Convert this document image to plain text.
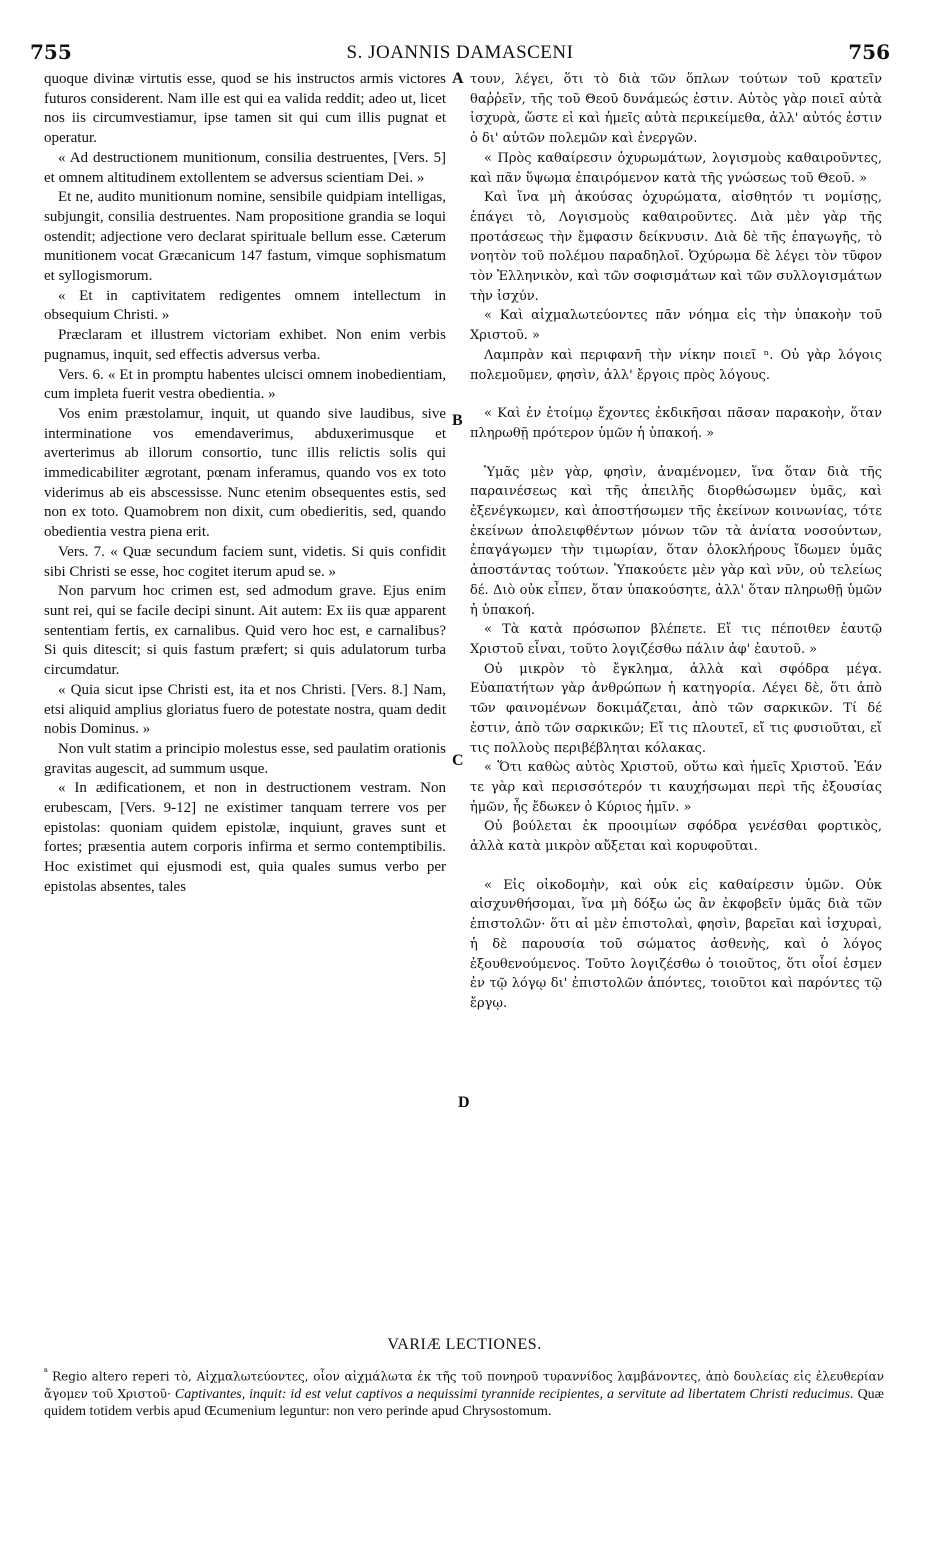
755	S. JOANNIS DAMASCENI	756

quoque divinæ virtutis esse, quod se his instructos armis victores futuros considerent. Nam ille est qui ea valida reddit; adeo ut, licet nos iis circumvestiamur, ipse tamen sit qui cum illis pugnat et operatur.

« Ad destructionem munitionum, consilia destruentes, [Vers. 5] et omnem altitudinem extollentem se adversus scientiam Dei. »

Et ne, audito munitionum nomine, sensibile quidpiam intelligas, subjungit, consilia destruentes. Nam propositione grandia se loqui ostendit; adjectione vero declarat spirituale bellum esse. Cæterum munitionem vocat Græcanicum 147 fastum, vimque sophismatum et syllogismorum.

« Et in captivitatem redigentes omnem intellectum in obsequium Christi. »

Præclaram et illustrem victoriam exhibet. Non enim verbis pugnamus, inquit, sed effectis adversus verba.

Vers. 6. « Et in promptu habentes ulcisci omnem inobedientiam, cum impleta fuerit vestra obedientia. »

Vos enim præstolamur, inquit, ut quando sive laudibus, sive interminatione vos emendaverimus, abduxerimusque et averterimus ab illorum consortio, tunc illis relictis solis qui immedicabiliter ægrotant, pœnam inferamus, quando vos ex toto viderimus ab eis abscessisse. Nunc etenim obsequentes estis, sed non ex toto. Quamobrem non dixit, cum obedieritis, sed, quando obedientia vestra piena erit.

Vers. 7. « Quæ secundum faciem sunt, videtis. Si quis confidit sibi Christi se esse, hoc cogitet iterum apud se. »

Non parvum hoc crimen est, sed admodum grave. Ejus enim sunt rei, qui se facile decipi sinunt. Ait autem: Ex iis quæ apparent sententiam fertis, ex carnalibus. Quid vero hoc est, e carnalibus? Si quis ditescit; si quis fastum præfert; si quis adulatorum turba circumdatur.

« Quia sicut ipse Christi est, ita et nos Christi. [Vers. 8.] Nam, etsi aliquid amplius gloriatus fuero de potestate nostra, quam dedit nobis Dominus. »

Non vult statim a principio molestus esse, sed paulatim orationis gravitas augescit, ad summum usque.

« In ædificationem, et non in destructionem vestram. Non erubescam, [Vers. 9-12] ne existimer tanquam terrere vos per epistolas: quoniam quidem epistolæ, inquiunt, graves sunt et fortes; præsentia autem corporis infirma et sermo contemptibilis. Hoc existimet qui ejusmodi est, quia quales sumus verbo per epistolas absentes, tales

A
B
C
D

τουν, λέγει, ὅτι τὸ διὰ τῶν ὅπλων τούτων τοῦ κρατεῖν θαῤῥεῖν, τῆς τοῦ Θεοῦ δυνάμεώς ἐστιν. Αὐτὸς γὰρ ποιεῖ αὐτὰ ἰσχυρὰ, ὥστε εἰ καὶ ἡμεῖς αὐτὰ περικείμεθα, ἀλλ' αὐτός ἐστιν ὁ δι' αὐτῶν πολεμῶν καὶ ἐνεργῶν.

« Πρὸς καθαίρεσιν ὀχυρωμάτων, λογισμοὺς καθαιροῦντες, καὶ πᾶν ὕψωμα ἐπαιρόμενον κατὰ τῆς γνώσεως τοῦ Θεοῦ. »

Καὶ ἵνα μὴ ἀκούσας ὀχυρώματα, αἰσθητόν τι νομίσῃς, ἐπάγει τὸ, Λογισμοὺς καθαιροῦντες. Διὰ μὲν γὰρ τῆς προτάσεως τὴν ἔμφασιν δείκνυσιν. Διὰ δὲ τῆς ἐπαγωγῆς, τὸ νοητὸν τοῦ πολέμου παραδηλοῖ. Ὀχύρωμα δὲ λέγει τὸν τῦφον τὸν Ἑλληνικὸν, καὶ τῶν σοφισμάτων καὶ τῶν συλλογισμάτων τὴν ἰσχύν.

« Καὶ αἰχμαλωτεύοντες πᾶν νόημα εἰς τὴν ὑπακοὴν τοῦ Χριστοῦ. »

Λαμπρὰν καὶ περιφανῆ τὴν νίκην ποιεῖ ⁿ. Οὐ γὰρ λόγοις πολεμοῦμεν, φησὶν, ἀλλ' ἔργοις πρὸς λόγους.

« Καὶ ἐν ἑτοίμῳ ἔχοντες ἐκδικῆσαι πᾶσαν παρακοὴν, ὅταν πληρωθῇ πρότερον ὑμῶν ἡ ὑπακοή. »

Ὑμᾶς μὲν γὰρ, φησὶν, ἀναμένομεν, ἵνα ὅταν διὰ τῆς παραινέσεως καὶ τῆς ἀπειλῆς διορθώσωμεν ὑμᾶς, καὶ ἐξενέγκωμεν, καὶ ἀποστήσωμεν τῆς ἐκείνων κοινωνίας, τότε ἐκείνων ἀπολειφθέντων μόνων τῶν τὰ ἀνίατα νοσούντων, ἐπαγάγωμεν τὴν τιμωρίαν, ὅταν ὁλοκλήρους ἴδωμεν ὑμᾶς ἀποστάντας τούτων. Ὑπακούετε μὲν γὰρ καὶ νῦν, οὐ τελείως δέ. Διὸ οὐκ εἶπεν, ὅταν ὑπακούσητε, ἀλλ' ὅταν πληρωθῇ ὑμῶν ἡ ὑπακοή.

« Τὰ κατὰ πρόσωπον βλέπετε. Εἴ τις πέποιθεν ἑαυτῷ Χριστοῦ εἶναι, τοῦτο λογιζέσθω πάλιν ἀφ' ἑαυτοῦ. »

Οὐ μικρὸν τὸ ἔγκλημα, ἀλλὰ καὶ σφόδρα μέγα. Εὐαπατήτων γὰρ ἀνθρώπων ἡ κατηγορία. Λέγει δὲ, ὅτι ἀπὸ τῶν φαινομένων δοκιμάζεται, ἀπὸ τῶν σαρκικῶν. Τί δέ ἐστιν, ἀπὸ τῶν σαρκικῶν; Εἴ τις πλουτεῖ, εἴ τις φυσιοῦται, εἴ τις πολλοὺς περιβέβληται κόλακας.

« Ὅτι καθὼς αὐτὸς Χριστοῦ, οὕτω καὶ ἡμεῖς Χριστοῦ. Ἐάν τε γὰρ καὶ περισσότερόν τι καυχήσωμαι περὶ τῆς ἐξουσίας ἡμῶν, ἧς ἔδωκεν ὁ Κύριος ἡμῖν. »

Οὐ βούλεται ἐκ προοιμίων σφόδρα γενέσθαι φορτικὸς, ἀλλὰ κατὰ μικρὸν αὔξεται καὶ κορυφοῦται.

« Εἰς οἰκοδομὴν, καὶ οὐκ εἰς καθαίρεσιν ὑμῶν. Οὐκ αἰσχυνθήσομαι, ἵνα μὴ δόξω ὡς ἂν ἐκφοβεῖν ὑμᾶς διὰ τῶν ἐπιστολῶν· ὅτι αἱ μὲν ἐπιστολαὶ, φησὶν, βαρεῖαι καὶ ἰσχυραὶ, ἡ δὲ παρουσία τοῦ σώματος ἀσθενὴς, καὶ ὁ λόγος ἐξουθενούμενος. Τοῦτο λογιζέσθω ὁ τοιοῦτος, ὅτι οἷοί ἐσμεν ἐν τῷ λόγῳ δι' ἐπιστολῶν ἀπόντες, τοιοῦτοι καὶ παρόντες τῷ ἔργῳ.

VARIÆ LECTIONES.
$^{^n}$ Regio altero reperi τὸ, Αἰχμαλωτεύοντες, οἷον αἰχμάλωτα ἐκ τῆς τοῦ πονηροῦ τυραννίδος λαμβάνοντες, ἀπὸ δουλείας εἰς ἐλευθερίαν ἄγομεν τοῦ Χριστοῦ· Captivantes, inquit: id est velut captivos a nequissimi tyrannide recipientes, a servitute ad libertatem Christi reducimus. Quæ quidem totidem verbis apud Œcumenium leguntur: non vero perinde apud Chrysostomum.
